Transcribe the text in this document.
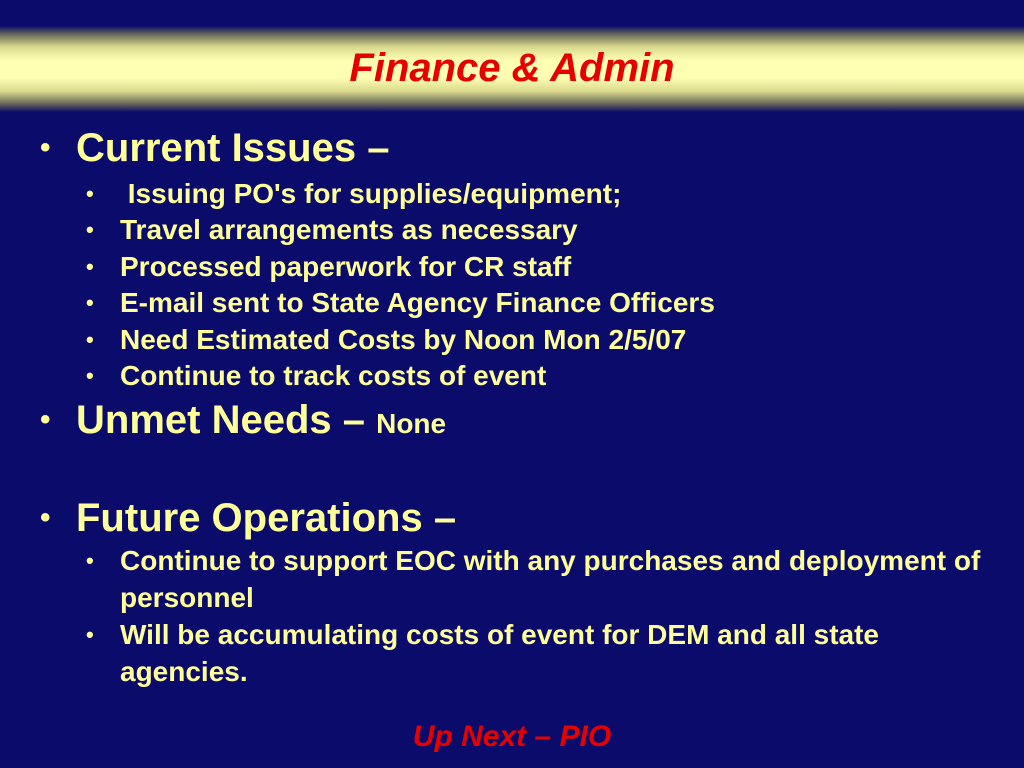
Finance & Admin
• Current Issues –
• Issuing PO's for supplies/equipment;
• Travel arrangements as necessary
• Processed paperwork for CR staff
• E-mail sent to State Agency Finance Officers
• Need Estimated Costs by Noon Mon 2/5/07
• Continue to track costs of event
• Unmet Needs – None
• Future Operations –
• Continue to support EOC with any purchases and deployment of personnel
• Will be accumulating costs of event for DEM and all state agencies.
Up Next – PIO
